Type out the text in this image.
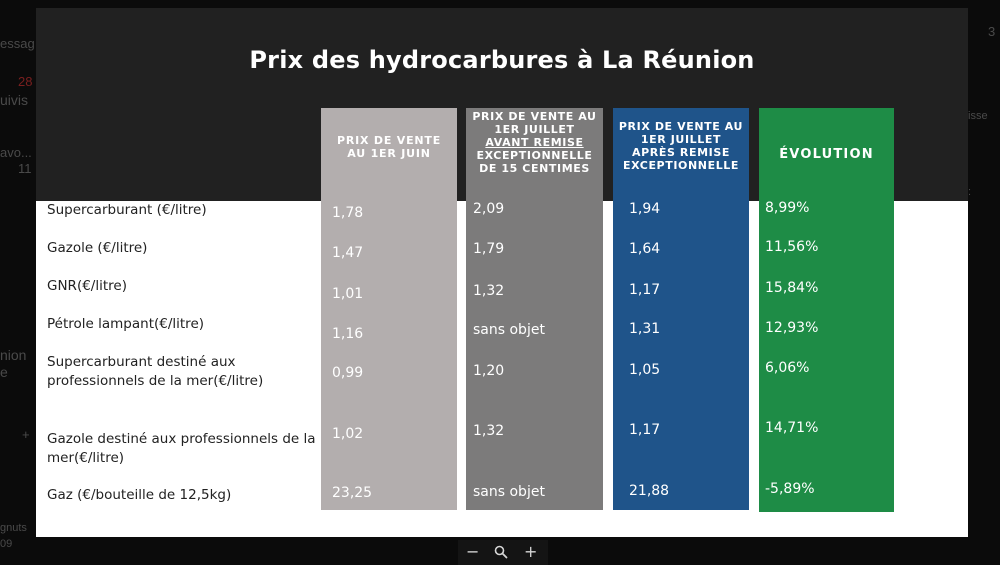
essag
28
uivis
avo...
11
nion
e
+
gnuts
09
3
isse
:
Prix des hydrocarbures à La Réunion
PRIX DE VENTE
AU 1ER JUIN
1,78
1,47
1,01
1,16
0,99
1,02
23,25
PRIX DE VENTE AU
1ER JUILLET
AVANT REMISE
EXCEPTIONNELLE
DE 15 CENTIMES
2,09
1,79
1,32
sans objet
1,20
1,32
sans objet
PRIX DE VENTE AU
1ER JUILLET
APRÈS REMISE
EXCEPTIONNELLE
1,94
1,64
1,17
1,31
1,05
1,17
21,88
ÉVOLUTION
8,99%
11,56%
15,84%
12,93%
6,06%
14,71%
-5,89%
Supercarburant (€/litre)
Gazole (€/litre)
GNR(€/litre)
Pétrole lampant(€/litre)
Supercarburant destiné aux professionnels de la mer(€/litre)
Gazole destiné aux professionnels de la mer(€/litre)
Gaz (€/bouteille de 12,5kg)
−	+
